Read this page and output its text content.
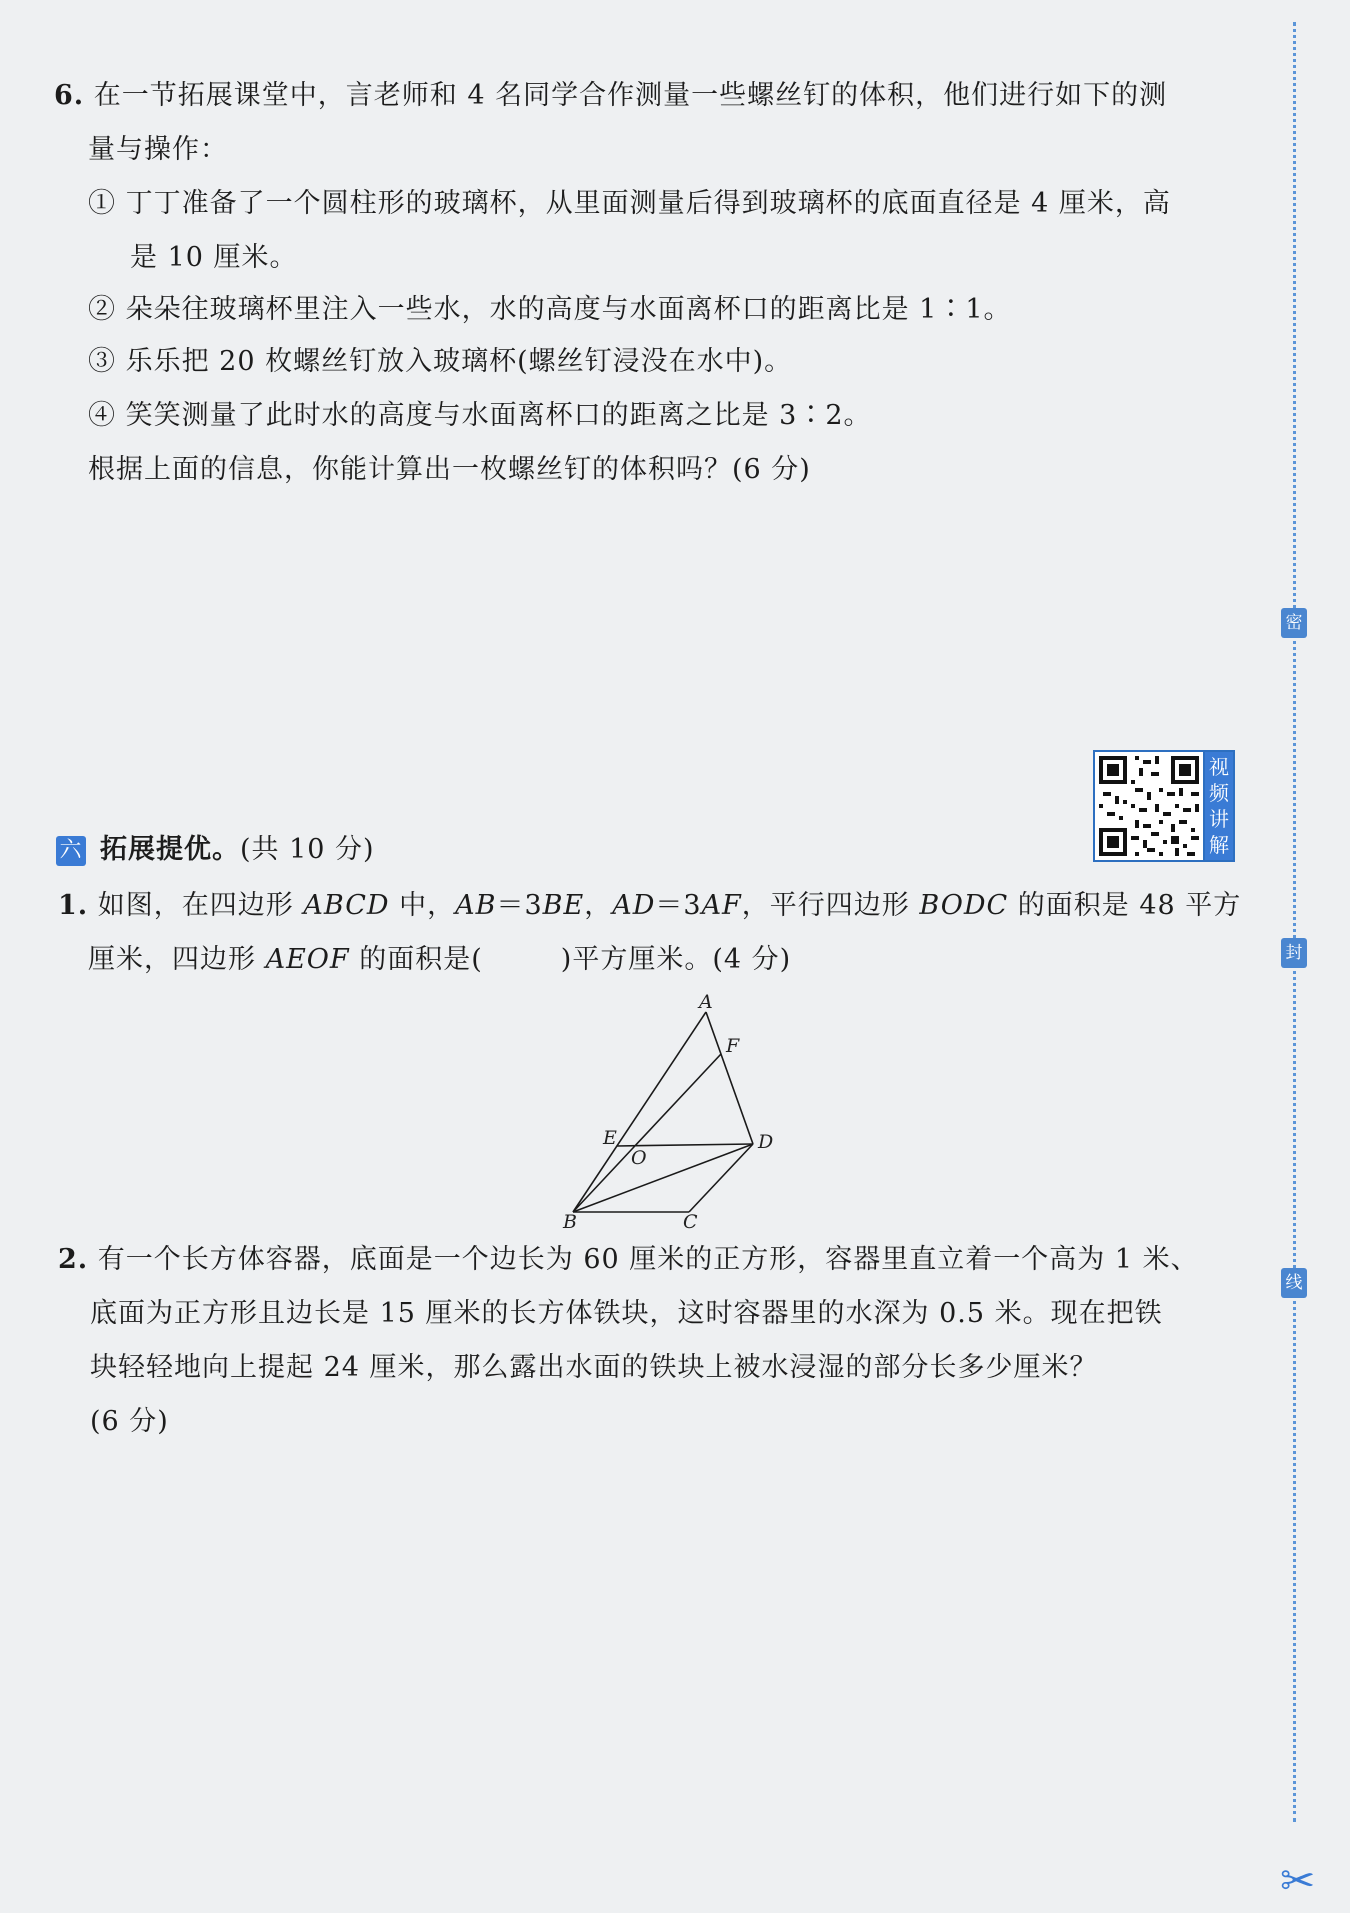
6. 在一节拓展课堂中，言老师和 4 名同学合作测量一些螺丝钉的体积，他们进行如下的测
量与操作：
① 丁丁准备了一个圆柱形的玻璃杯，从里面测量后得到玻璃杯的底面直径是 4 厘米，高
是 10 厘米。
② 朵朵往玻璃杯里注入一些水，水的高度与水面离杯口的距离比是 1∶1。
③ 乐乐把 20 枚螺丝钉放入玻璃杯(螺丝钉浸没在水中)。
④ 笑笑测量了此时水的高度与水面离杯口的距离之比是 3∶2。
根据上面的信息，你能计算出一枚螺丝钉的体积吗？(6 分)
视
频
讲
解
六 拓展提优。(共 10 分)
1. 如图，在四边形 ABCD 中，AB＝3BE，AD＝3AF，平行四边形 BODC 的面积是 48 平方
厘米，四边形 AEOF 的面积是(	)平方厘米。(4 分)
A
F
E
O
D
B	C
2. 有一个长方体容器，底面是一个边长为 60 厘米的正方形，容器里直立着一个高为 1 米、
底面为正方形且边长是 15 厘米的长方体铁块，这时容器里的水深为 0.5 米。现在把铁
块轻轻地向上提起 24 厘米，那么露出水面的铁块上被水浸湿的部分长多少厘米？
(6 分)
密
封
线
✂
